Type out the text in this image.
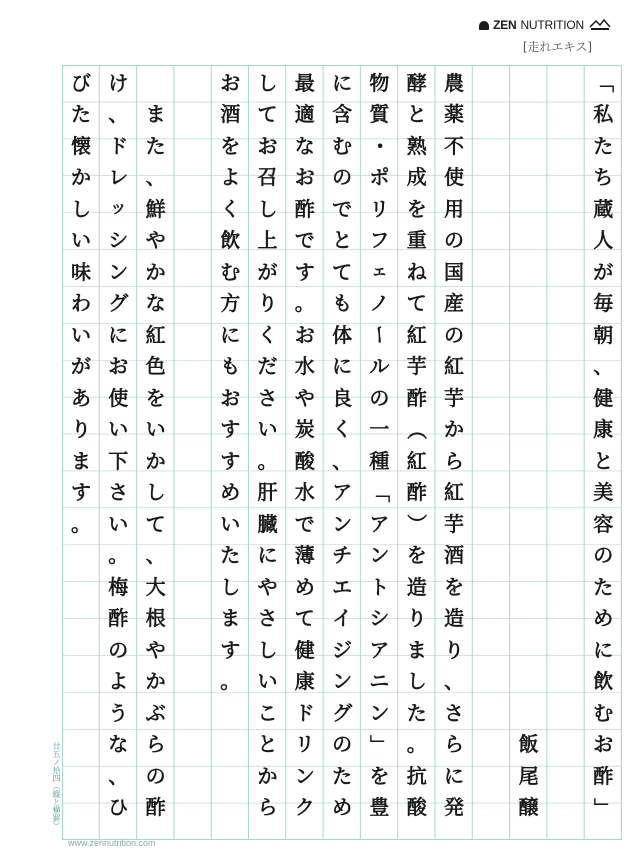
ZEN NUTRITION
[走れエキス]
「
私
た
ち
蔵
人
が
毎
朝
、
健
康
と
美
容
の
た
め
に
飲
む
お
酢
」
飯
尾
醸
農
薬
不
使
用
の
国
産
の
紅
芋
か
ら
紅
芋
酒
を
造
り
、
さ
ら
に
発
酵
と
熟
成
を
重
ね
て
紅
芋
酢
（
紅
酢
）
を
造
り
ま
し
た
。
抗
酸
物
質
・
ポ
リ
フ
ェ
ノ
ー
ル
の
一
種
「
ア
ン
ト
シ
ア
ニ
ン
」
を
豊
に
含
む
の
で
と
て
も
体
に
良
く
、
ア
ン
チ
エ
イ
ジ
ン
グ
の
た
め
最
適
な
お
酢
で
す
。
お
水
や
炭
酸
水
で
薄
め
て
健
康
ド
リ
ン
ク
し
て
お
召
し
上
が
り
く
だ
さ
い
。
肝
臓
に
や
さ
し
い
こ
と
か
ら
お
酒
を
よ
く
飲
む
方
に
も
お
す
す
め
い
た
し
ま
す
。
ま
た
、
鮮
や
か
な
紅
色
を
い
か
し
て
、
大
根
や
か
ぶ
ら
の
酢
け
、
ド
レ
ッ
シ
ン
グ
に
お
使
い
下
さ
い
。
梅
酢
の
よ
う
な
、
ひ
び
た
懐
か
し
い
味
わ
い
が
あ
り
ま
す
。
廿五ノ拾四（縦と横罫）
www.zennutrition.com
